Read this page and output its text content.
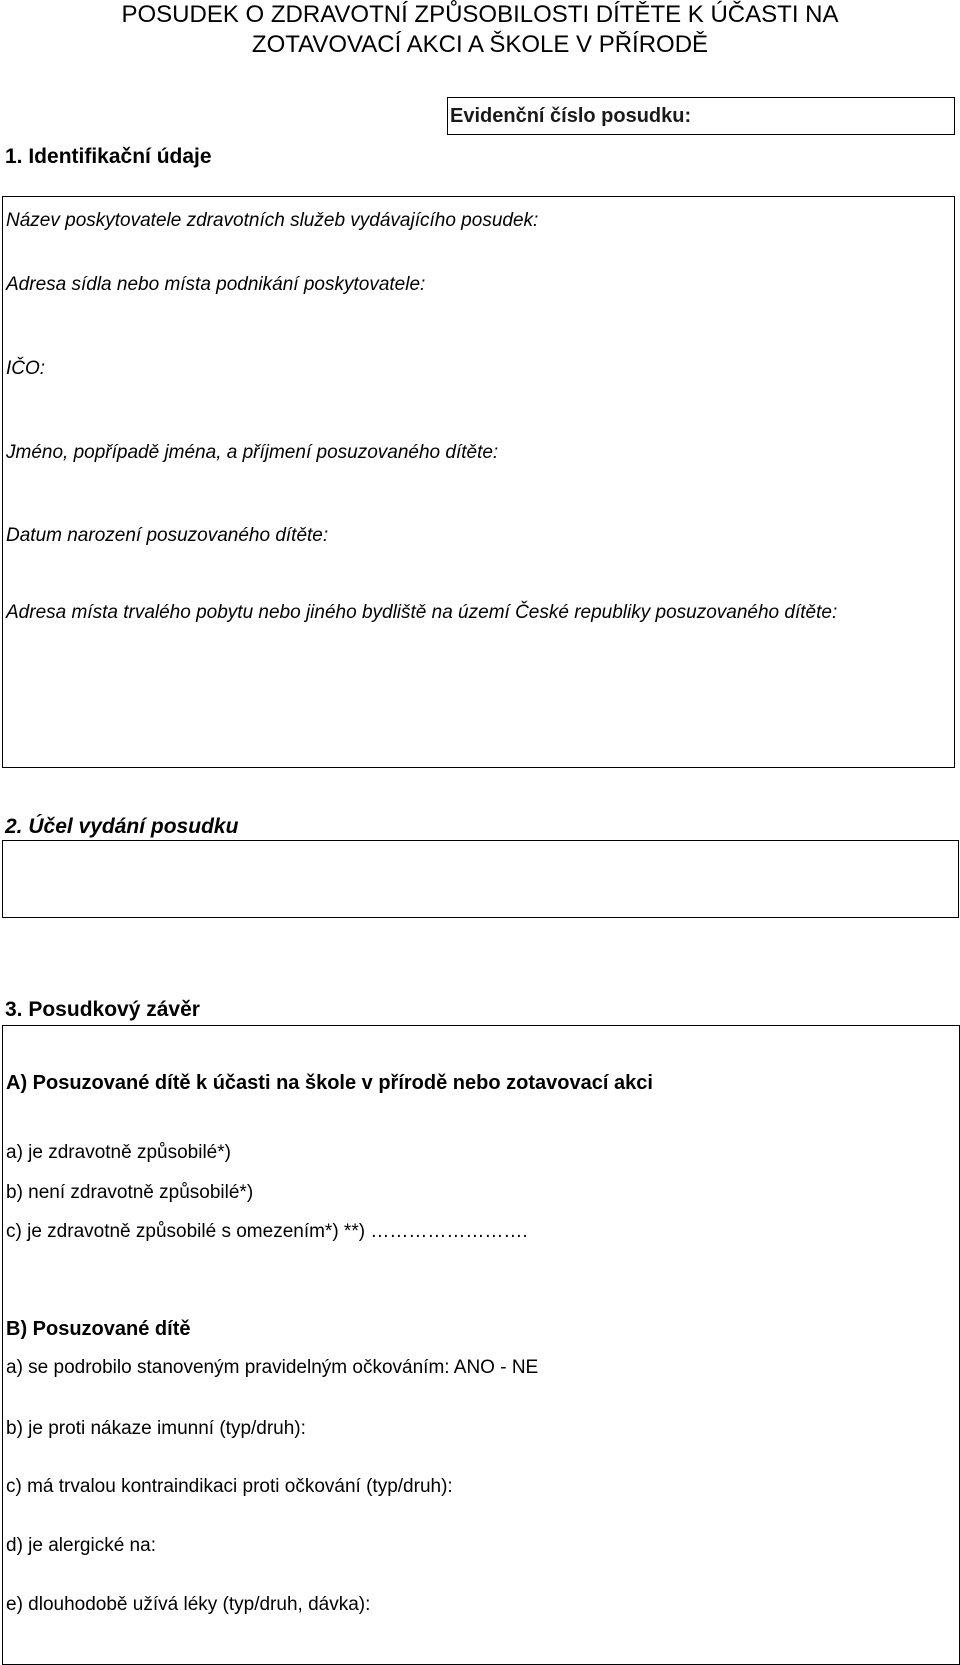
POSUDEK O ZDRAVOTNÍ ZPŮSOBILOSTI DÍTĚTE K ÚČASTI NA
ZOTAVOVACÍ AKCI A ŠKOLE V PŘÍRODĚ
Evidenční číslo posudku:
1. Identifikační údaje
Název poskytovatele zdravotních služeb vydávajícího posudek:
Adresa sídla nebo místa podnikání poskytovatele:
IČO:
Jméno, popřípadě jména, a příjmení posuzovaného dítěte:
Datum narození posuzovaného dítěte:
Adresa místa trvalého pobytu nebo jiného bydliště na území České republiky posuzovaného dítěte:
2. Účel vydání posudku
3. Posudkový závěr
A) Posuzované dítě k účasti na škole v přírodě nebo zotavovací akci
a) je zdravotně způsobilé*)
b) není zdravotně způsobilé*)
c) je zdravotně způsobilé s omezením*) **) …………………….
B) Posuzované dítě
a) se podrobilo stanoveným pravidelným očkováním: ANO - NE
b) je proti nákaze imunní (typ/druh):
c) má trvalou kontraindikaci proti očkování (typ/druh):
d) je alergické na:
e) dlouhodobě užívá léky (typ/druh, dávka):
